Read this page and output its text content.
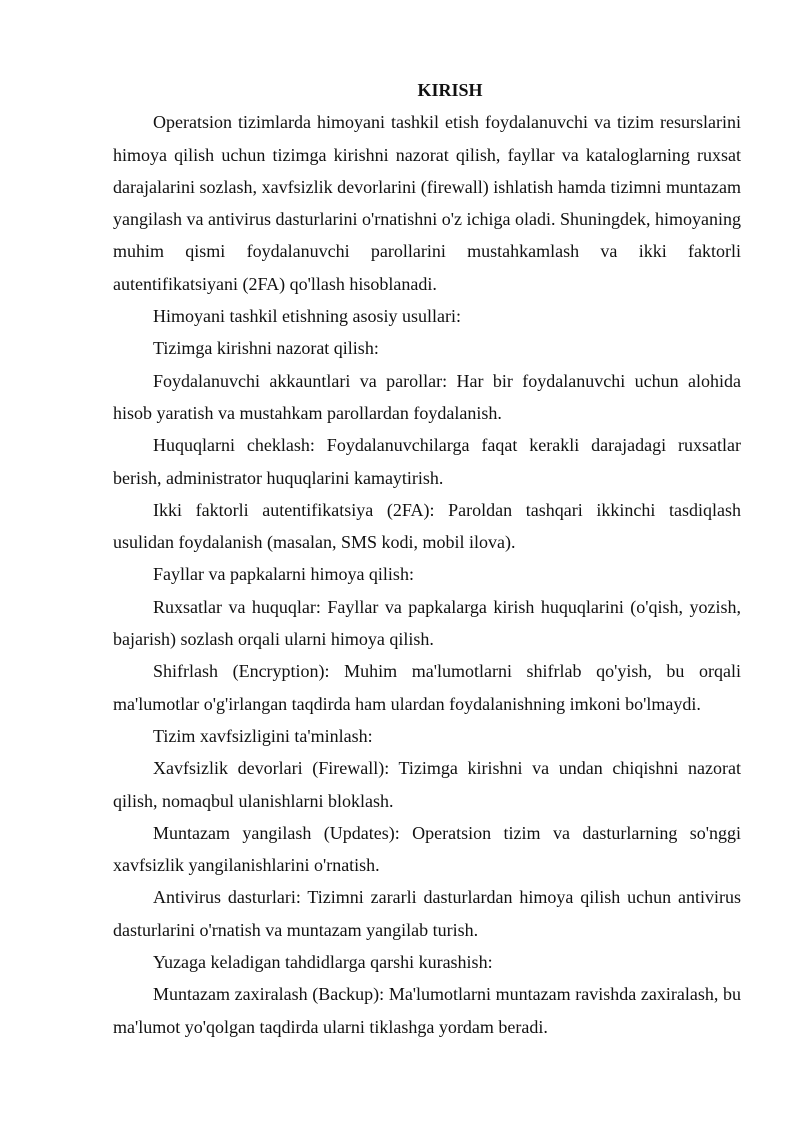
KIRISH

Operatsion tizimlarda himoyani tashkil etish foydalanuvchi va tizim resurslarini himoya qilish uchun tizimga kirishni nazorat qilish, fayllar va kataloglarning ruxsat darajalarini sozlash, xavfsizlik devorlarini (firewall) ishlatish hamda tizimni muntazam yangilash va antivirus dasturlarini o'rnatishni o'z ichiga oladi. Shuningdek, himoyaning muhim qismi foydalanuvchi parollarini mustahkamlash va ikki faktorli autentifikatsiyani (2FA) qo'llash hisoblanadi.

Himoyani tashkil etishning asosiy usullari:

Tizimga kirishni nazorat qilish:

Foydalanuvchi akkauntlari va parollar: Har bir foydalanuvchi uchun alohida hisob yaratish va mustahkam parollardan foydalanish.

Huquqlarni cheklash: Foydalanuvchilarga faqat kerakli darajadagi ruxsatlar berish, administrator huquqlarini kamaytirish.

Ikki faktorli autentifikatsiya (2FA): Paroldan tashqari ikkinchi tasdiqlash usulidan foydalanish (masalan, SMS kodi, mobil ilova).

Fayllar va papkalarni himoya qilish:

Ruxsatlar va huquqlar: Fayllar va papkalarga kirish huquqlarini (o'qish, yozish, bajarish) sozlash orqali ularni himoya qilish.

Shifrlash (Encryption): Muhim ma'lumotlarni shifrlab qo'yish, bu orqali ma'lumotlar o'g'irlangan taqdirda ham ulardan foydalanishning imkoni bo'lmaydi.

Tizim xavfsizligini ta'minlash:

Xavfsizlik devorlari (Firewall): Tizimga kirishni va undan chiqishni nazorat qilish, nomaqbul ulanishlarni bloklash.

Muntazam yangilash (Updates): Operatsion tizim va dasturlarning so'nggi xavfsizlik yangilanishlarini o'rnatish.

Antivirus dasturlari: Tizimni zararli dasturlardan himoya qilish uchun antivirus dasturlarini o'rnatish va muntazam yangilab turish.

Yuzaga keladigan tahdidlarga qarshi kurashish:

Muntazam zaxiralash (Backup): Ma'lumotlarni muntazam ravishda zaxiralash, bu ma'lumot yo'qolgan taqdirda ularni tiklashga yordam beradi.
